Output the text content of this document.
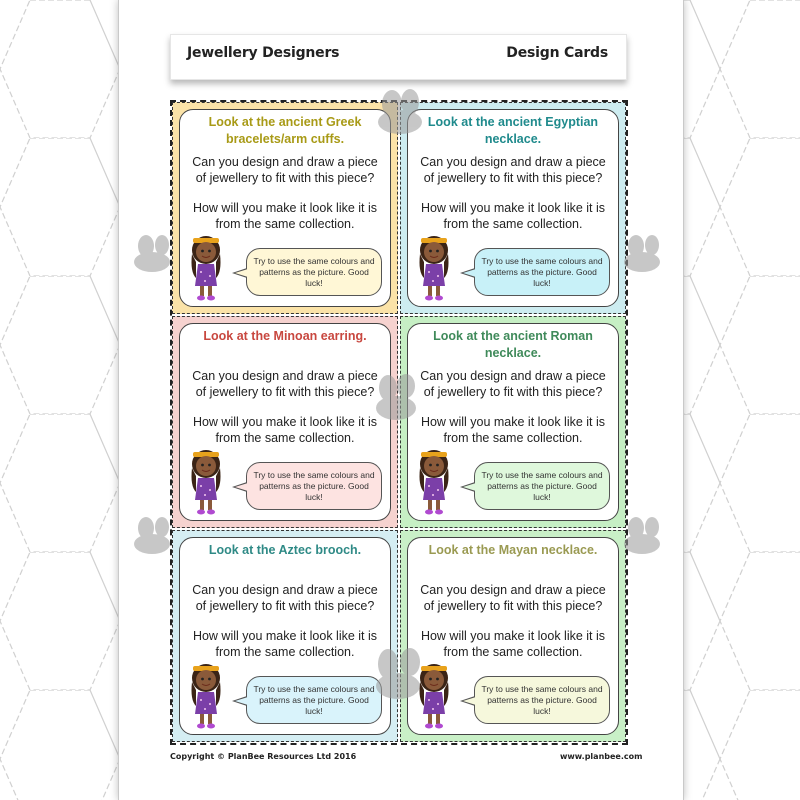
Jewellery Designers	Design Cards
Look at the ancient Greek bracelets/arm cuffs.
Can you design and draw a piece of jewellery to fit with this piece?
How will you make it look like it is from the same collection.
Try to use the same colours and patterns as the picture. Good luck!
Look at the ancient Egyptian necklace.
Can you design and draw a piece of jewellery to fit with this piece?
How will you make it look like it is from the same collection.
Try to use the same colours and patterns as the picture. Good luck!
Look at the Minoan earring.
Can you design and draw a piece of jewellery to fit with this piece?
How will you make it look like it is from the same collection.
Try to use the same colours and patterns as the picture. Good luck!
Look at the ancient Roman necklace.
Can you design and draw a piece of jewellery to fit with this piece?
How will you make it look like it is from the same collection.
Try to use the same colours and patterns as the picture. Good luck!
Look at the Aztec brooch.
Can you design and draw a piece of jewellery to fit with this piece?
How will you make it look like it is from the same collection.
Try to use the same colours and patterns as the picture. Good luck!
Look at the Mayan necklace.
Can you design and draw a piece of jewellery to fit with this piece?
How will you make it look like it is from the same collection.
Try to use the same colours and patterns as the picture. Good luck!
Copyright © PlanBee Resources Ltd 2016	www.planbee.com
